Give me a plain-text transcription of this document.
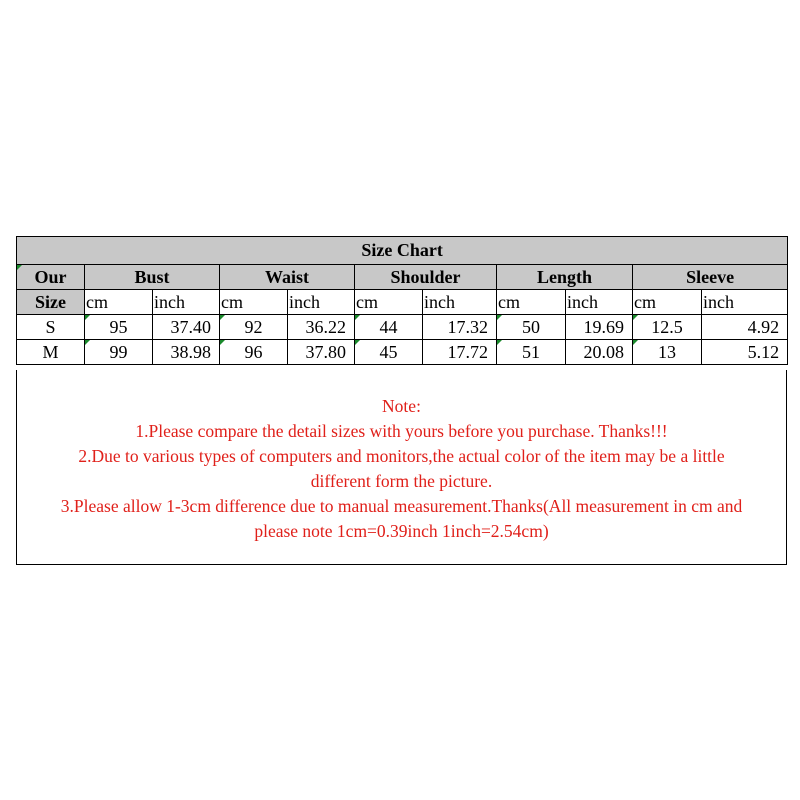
Size Chart										
Our	Bust		Waist		Shoulder		Length		Sleeve	
Size	cm	inch	cm	inch	cm	inch	cm	inch	cm	inch
S	95	37.40	92	36.22	44	17.32	50	19.69	12.5	4.92
M	99	38.98	96	37.80	45	17.72	51	20.08	13	5.12
Note:
1.Please compare the detail sizes with yours before you purchase. Thanks!!!
2.Due to various types of computers and monitors,the actual color of the item may be a little
different form the picture.
3.Please allow 1-3cm difference due to manual measurement.Thanks(All measurement in cm and
please note 1cm=0.39inch 1inch=2.54cm)
